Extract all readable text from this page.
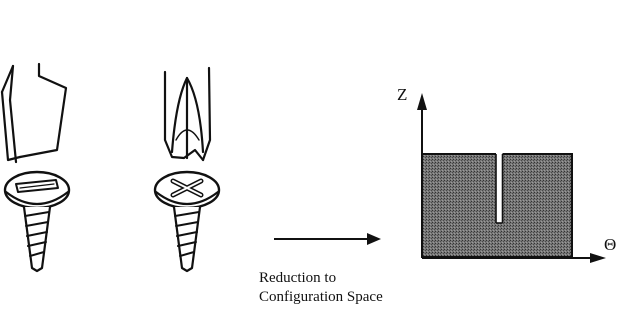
Z
Θ
Reduction to
Configuration Space
